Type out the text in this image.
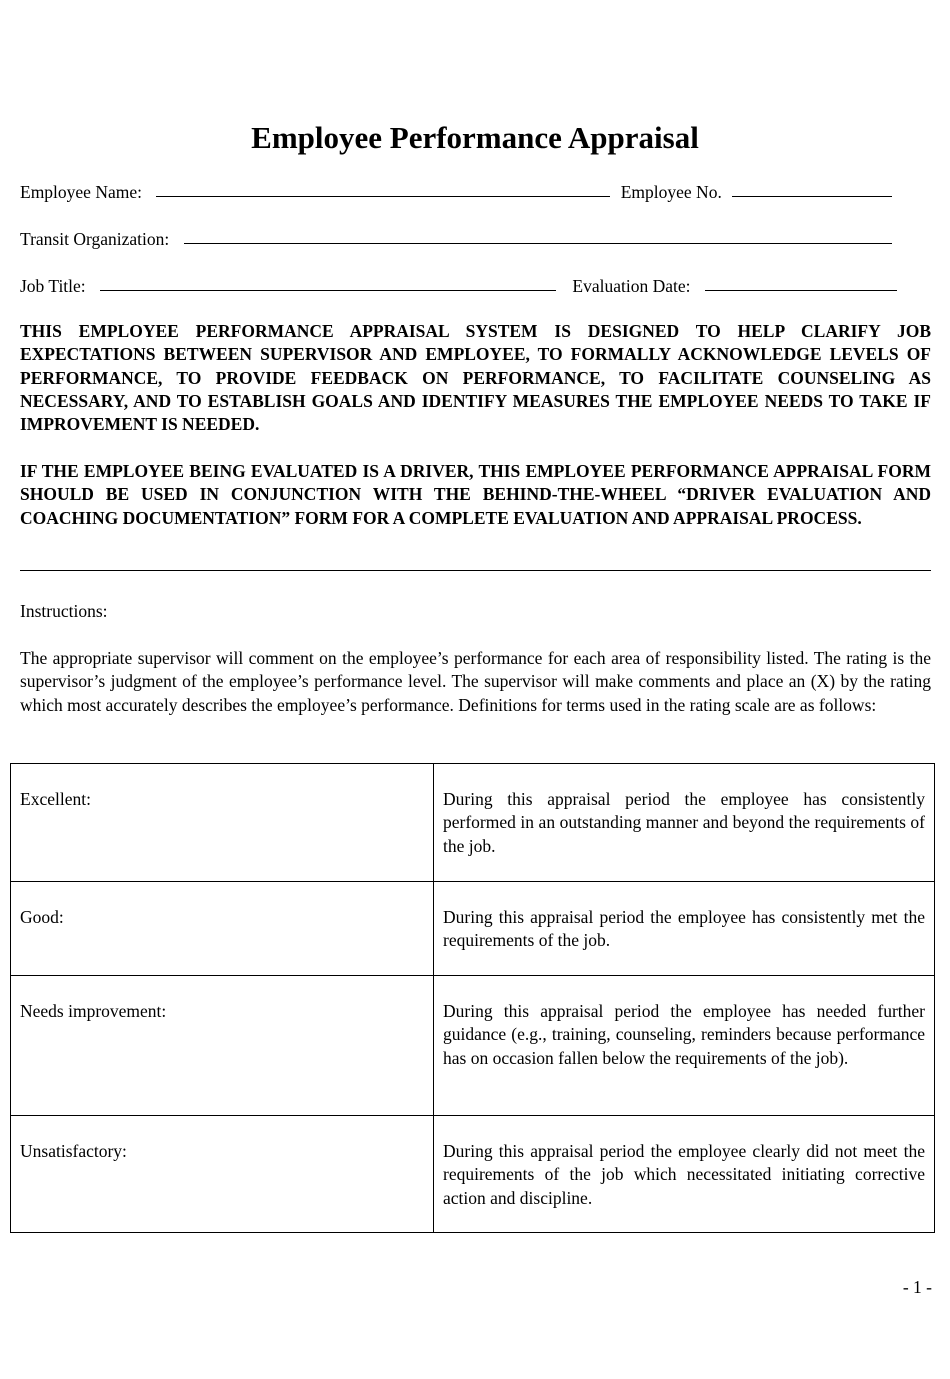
Employee Performance Appraisal
Employee Name:	Employee No.
Transit Organization:
Job Title:	Evaluation Date:
THIS EMPLOYEE PERFORMANCE APPRAISAL SYSTEM IS DESIGNED TO HELP CLARIFY JOB EXPECTATIONS BETWEEN SUPERVISOR AND EMPLOYEE, TO FORMALLY ACKNOWLEDGE LEVELS OF PERFORMANCE, TO PROVIDE FEEDBACK ON PERFORMANCE, TO FACILITATE COUNSELING AS NECESSARY, AND TO ESTABLISH GOALS AND IDENTIFY MEASURES THE EMPLOYEE NEEDS TO TAKE IF IMPROVEMENT IS NEEDED.
IF THE EMPLOYEE BEING EVALUATED IS A DRIVER, THIS EMPLOYEE PERFORMANCE APPRAISAL FORM SHOULD BE USED IN CONJUNCTION WITH THE BEHIND-THE-WHEEL “DRIVER EVALUATION AND COACHING DOCUMENTATION” FORM FOR A COMPLETE EVALUATION AND APPRAISAL PROCESS.
Instructions:
The appropriate supervisor will comment on the employee’s performance for each area of responsibility listed. The rating is the supervisor’s judgment of the employee’s performance level. The supervisor will make comments and place an (X) by the rating which most accurately describes the employee’s performance. Definitions for terms used in the rating scale are as follows:
Excellent:	During this appraisal period the employee has consistently performed in an outstanding manner and beyond the requirements of the job.
Good:	During this appraisal period the employee has consistently met the requirements of the job.
Needs improvement:	During this appraisal period the employee has needed further guidance (e.g., training, counseling, reminders because performance has on occasion fallen below the requirements of the job).
Unsatisfactory:	During this appraisal period the employee clearly did not meet the requirements of the job which necessitated initiating corrective action and discipline.
- 1 -
